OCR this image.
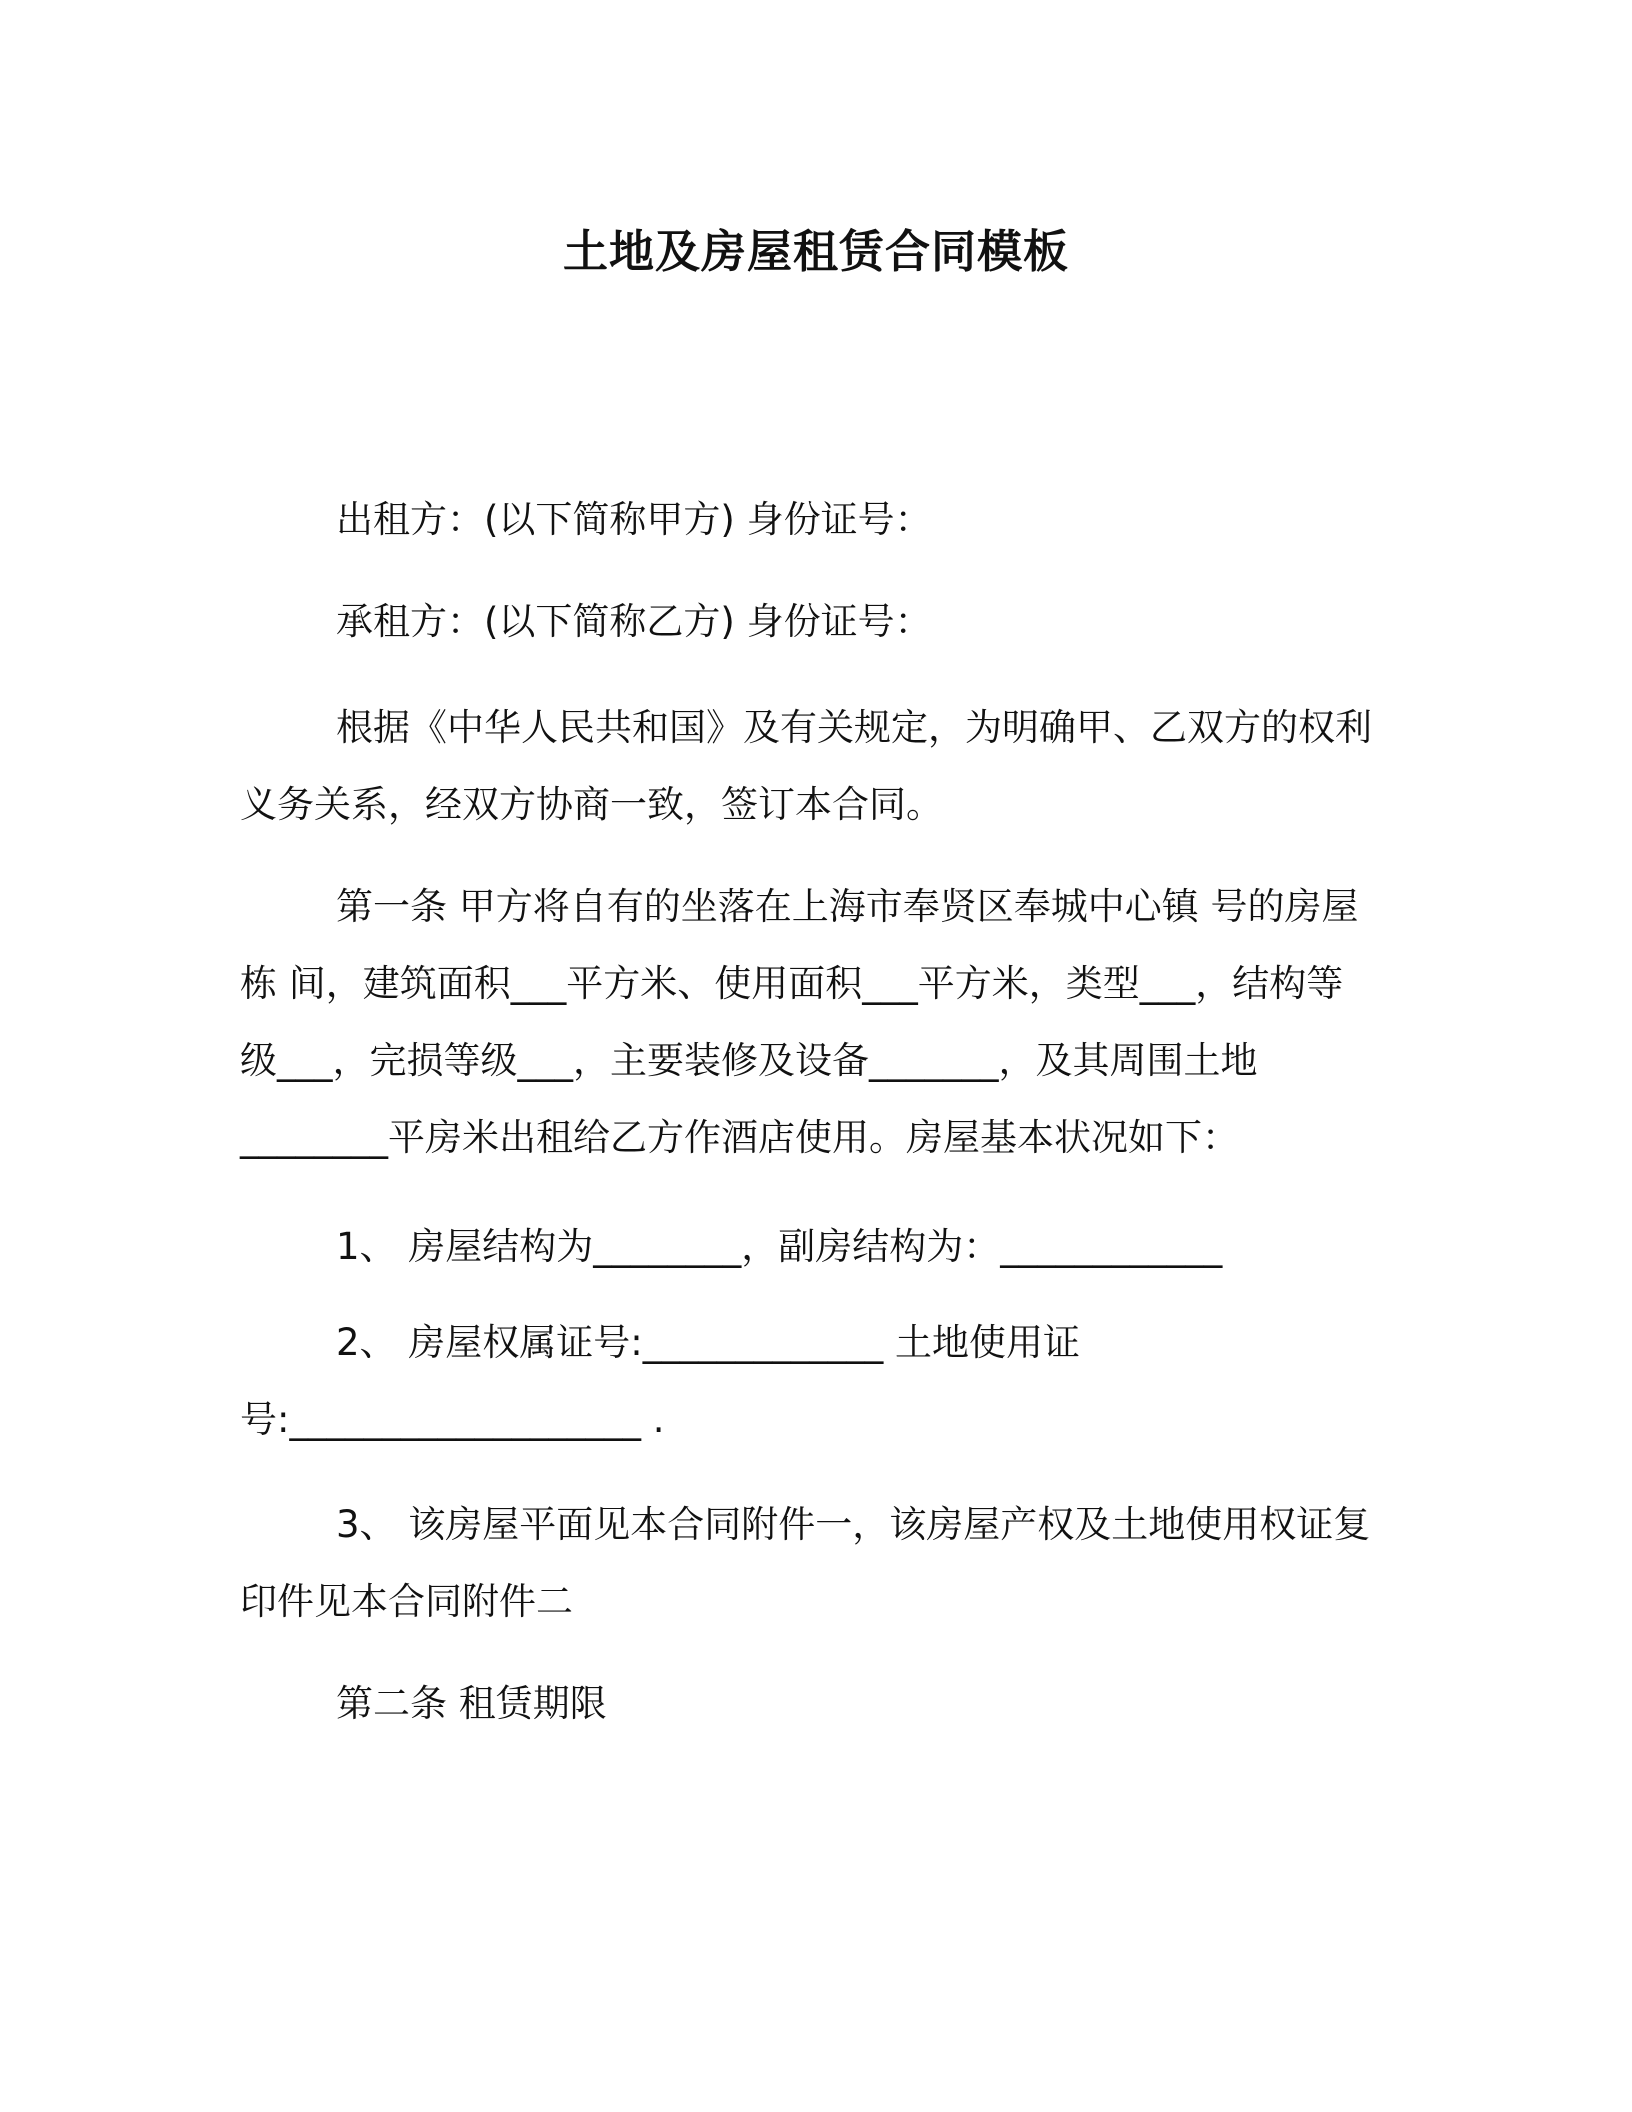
土地及房屋租赁合同模板
出租方：(以下简称甲方) 身份证号：
承租方：(以下简称乙方) 身份证号：
根据《中华人民共和国》及有关规定，为明确甲、乙双方的权利
义务关系，经双方协商一致，签订本合同。
第一条 甲方将自有的坐落在上海市奉贤区奉城中心镇 号的房屋
栋 间，建筑面积___平方米、使用面积___平方米，类型___，结构等
级___，完损等级___，主要装修及设备_______，及其周围土地
________平房米出租给乙方作酒店使用。房屋基本状况如下：
1、 房屋结构为________，副房结构为：____________
2、 房屋权属证号:_____________ 土地使用证
号:___________________ .
3、 该房屋平面见本合同附件一，该房屋产权及土地使用权证复
印件见本合同附件二
第二条 租赁期限
